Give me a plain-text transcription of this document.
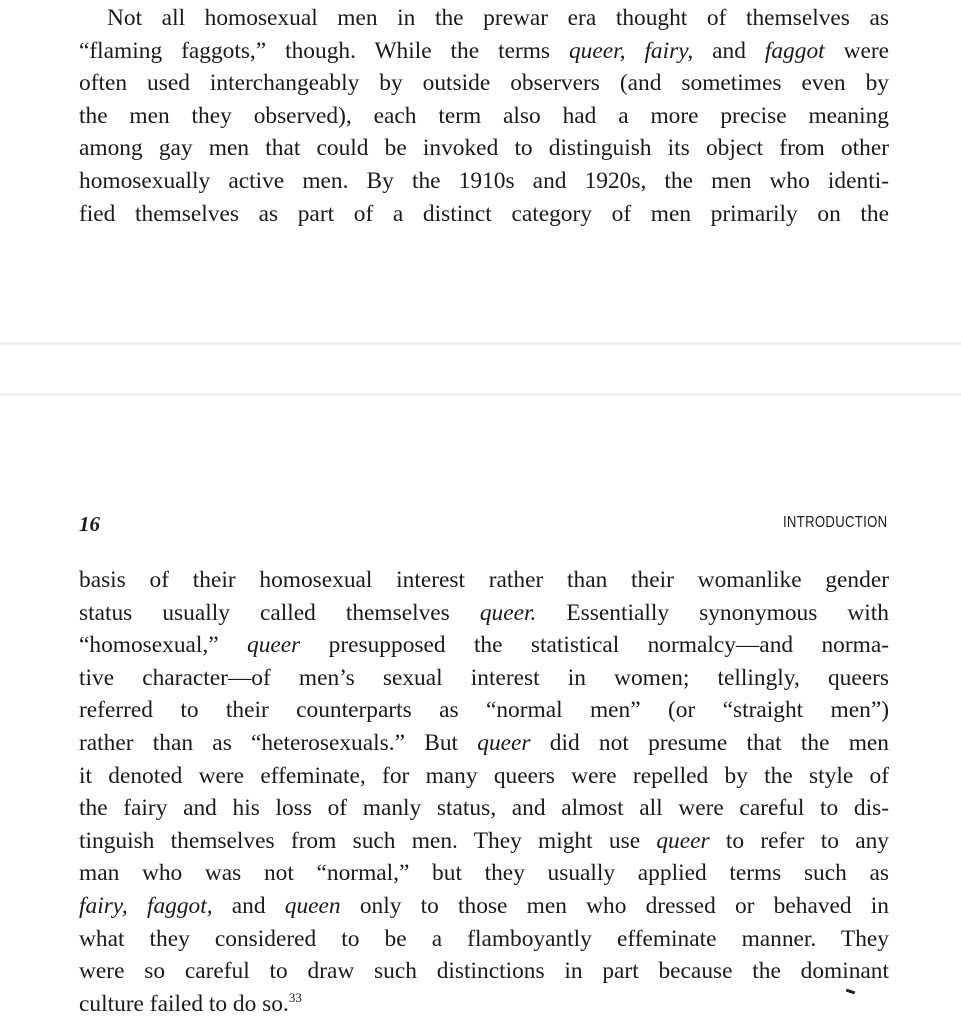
Not all homosexual men in the prewar era thought of themselves as
“flaming faggots,” though. While the terms queer, fairy, and faggot were
often used interchangeably by outside observers (and sometimes even by
the men they observed), each term also had a more precise meaning
among gay men that could be invoked to distinguish its object from other
homosexually active men. By the 1910s and 1920s, the men who identi-
fied themselves as part of a distinct category of men primarily on the
16	INTRODUCTION
basis of their homosexual interest rather than their womanlike gender
status usually called themselves queer. Essentially synonymous with
“homosexual,” queer presupposed the statistical normalcy—and norma-
tive character—of men’s sexual interest in women; tellingly, queers
referred to their counterparts as “normal men” (or “straight men”)
rather than as “heterosexuals.” But queer did not presume that the men
it denoted were effeminate, for many queers were repelled by the style of
the fairy and his loss of manly status, and almost all were careful to dis-
tinguish themselves from such men. They might use queer to refer to any
man who was not “normal,” but they usually applied terms such as
fairy, faggot, and queen only to those men who dressed or behaved in
what they considered to be a flamboyantly effeminate manner. They
were so careful to draw such distinctions in part because the dominant
culture failed to do so.$^{33}$
